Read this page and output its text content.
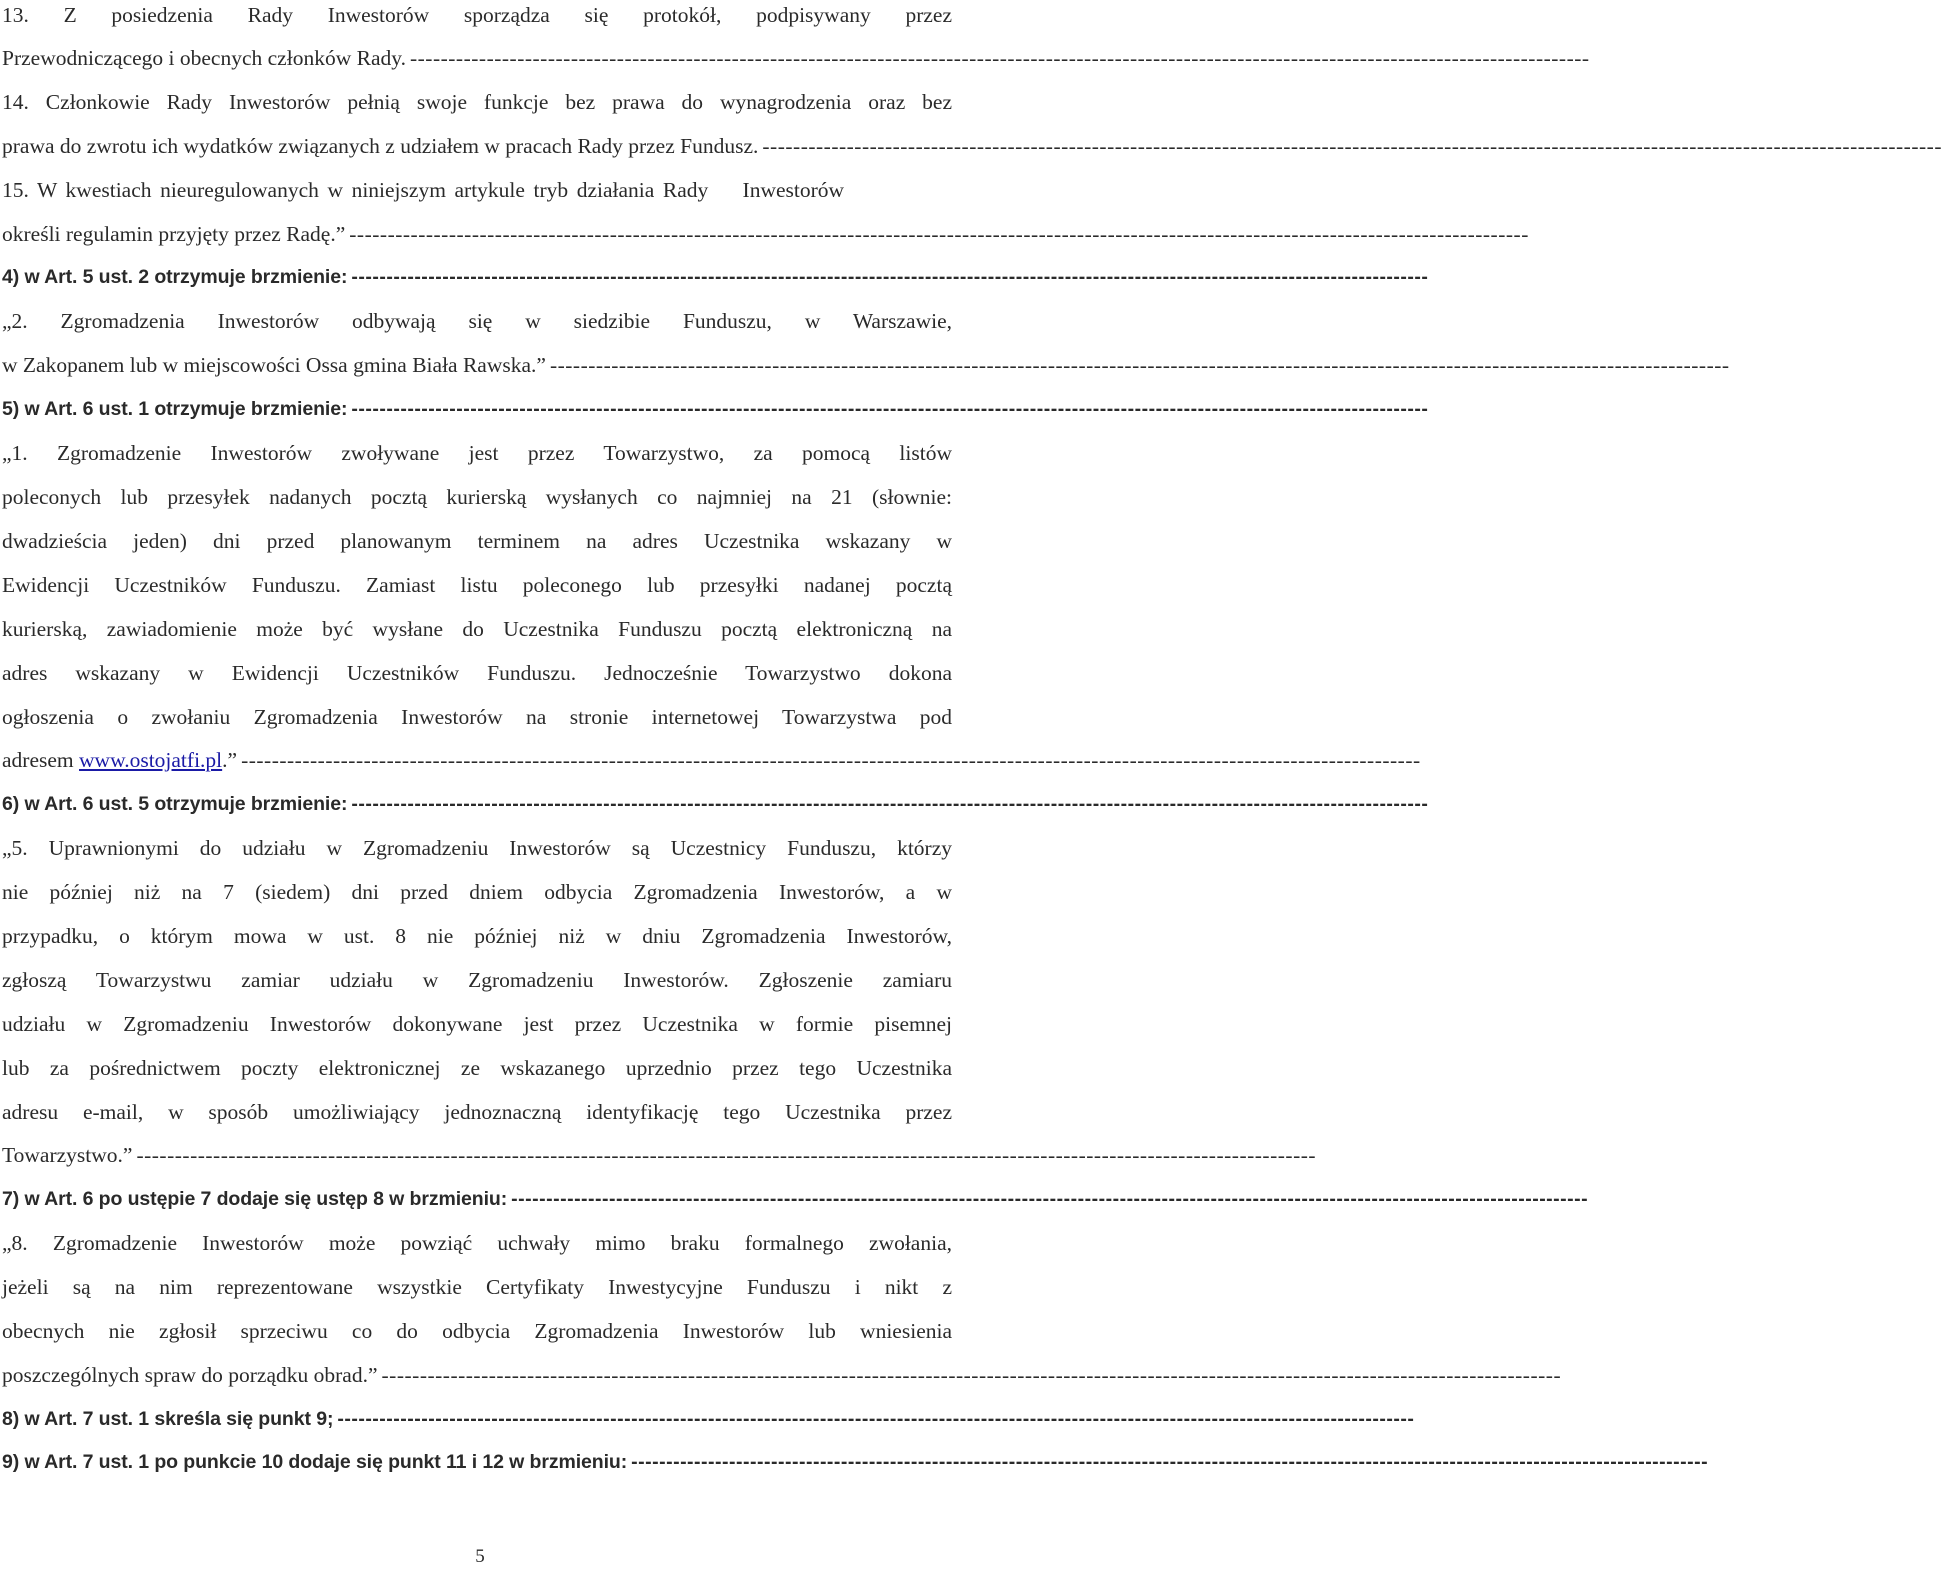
13. Z posiedzenia Rady Inwestorów sporządza się protokół, podpisywany przez
Przewodniczącego i obecnych członków Rady. ----------------------------------------------------------------------------------------------------------------------------------------------------------
14. Członkowie Rady Inwestorów pełnią swoje funkcje bez prawa do wynagrodzenia oraz bez
prawa do zwrotu ich wydatków związanych z udziałem w pracach Rady przez Fundusz. ----------------------------------------------------------------------------------------------------------------------------------------------------------
15. W kwestiach nieuregulowanych w niniejszym artykule tryb działania Rady    Inwestorów
określi regulamin przyjęty przez Radę.” ----------------------------------------------------------------------------------------------------------------------------------------------------------
4) w Art. 5 ust. 2 otrzymuje brzmienie: ----------------------------------------------------------------------------------------------------------------------------------------------------------
„2. Zgromadzenia Inwestorów odbywają się w siedzibie Funduszu, w Warszawie,
w Zakopanem lub w miejscowości Ossa gmina Biała Rawska.” ----------------------------------------------------------------------------------------------------------------------------------------------------------
5) w Art. 6 ust. 1 otrzymuje brzmienie: ----------------------------------------------------------------------------------------------------------------------------------------------------------
„1. Zgromadzenie Inwestorów zwoływane jest przez Towarzystwo, za pomocą listów
poleconych lub przesyłek nadanych pocztą kurierską wysłanych co najmniej na 21 (słownie:
dwadzieścia jeden) dni przed planowanym terminem na adres Uczestnika wskazany w
Ewidencji Uczestników Funduszu. Zamiast listu poleconego lub przesyłki nadanej pocztą
kurierską, zawiadomienie może być wysłane do Uczestnika Funduszu pocztą elektroniczną na
adres wskazany w Ewidencji Uczestników Funduszu. Jednocześnie Towarzystwo dokona
ogłoszenia o zwołaniu Zgromadzenia Inwestorów na stronie internetowej Towarzystwa pod
adresem www.ostojatfi.pl .” ----------------------------------------------------------------------------------------------------------------------------------------------------------
6) w Art. 6 ust. 5 otrzymuje brzmienie: ----------------------------------------------------------------------------------------------------------------------------------------------------------
„5. Uprawnionymi do udziału w Zgromadzeniu Inwestorów są Uczestnicy Funduszu, którzy
nie później niż na 7 (siedem) dni przed dniem odbycia Zgromadzenia Inwestorów, a w
przypadku, o którym mowa w ust. 8 nie później niż w dniu Zgromadzenia Inwestorów,
zgłoszą Towarzystwu zamiar udziału w Zgromadzeniu Inwestorów. Zgłoszenie zamiaru
udziału w Zgromadzeniu Inwestorów dokonywane jest przez Uczestnika w formie pisemnej
lub za pośrednictwem poczty elektronicznej ze wskazanego uprzednio przez tego Uczestnika
adresu e-mail, w sposób umożliwiający jednoznaczną identyfikację tego Uczestnika przez
Towarzystwo.” ----------------------------------------------------------------------------------------------------------------------------------------------------------
7) w Art. 6 po ustępie 7 dodaje się ustęp 8 w brzmieniu: ----------------------------------------------------------------------------------------------------------------------------------------------------------
„8. Zgromadzenie Inwestorów może powziąć uchwały mimo braku formalnego zwołania,
jeżeli są na nim reprezentowane wszystkie Certyfikaty Inwestycyjne Funduszu i nikt z
obecnych nie zgłosił sprzeciwu co do odbycia Zgromadzenia Inwestorów lub wniesienia
poszczególnych spraw do porządku obrad.” ----------------------------------------------------------------------------------------------------------------------------------------------------------
8) w Art. 7 ust. 1 skreśla się punkt 9; ----------------------------------------------------------------------------------------------------------------------------------------------------------
9) w Art. 7 ust. 1 po punkcie 10 dodaje się punkt 11 i 12 w brzmieniu: ----------------------------------------------------------------------------------------------------------------------------------------------------------
5
